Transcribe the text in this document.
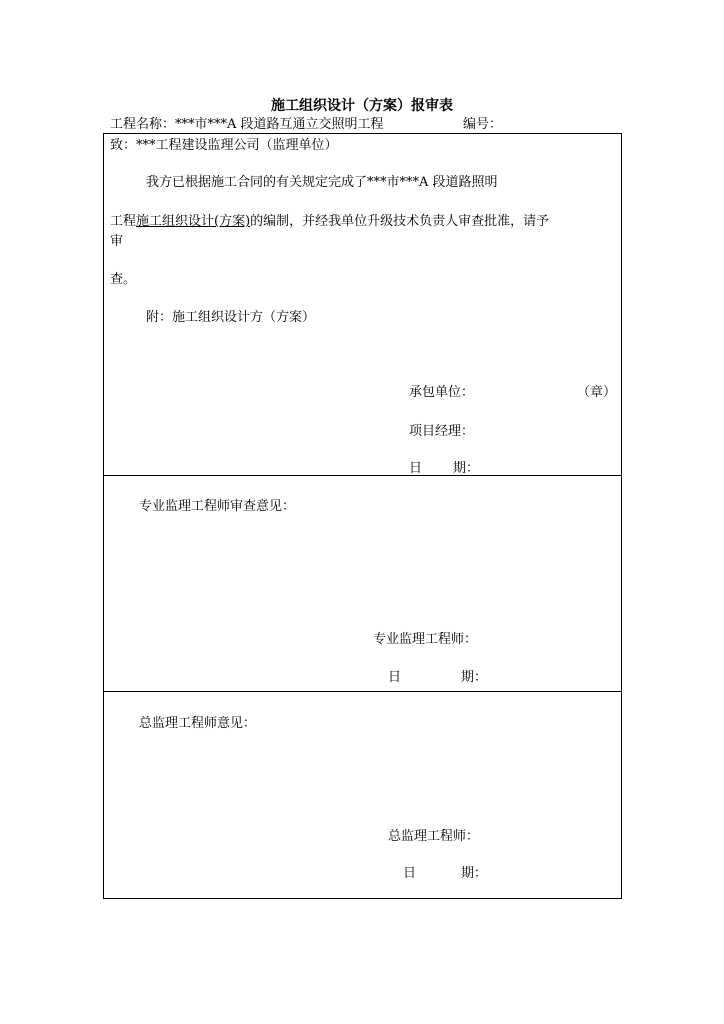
施工组织设计（方案）报审表
工程名称：***市***A 段道路互通立交照明工程	编号：
致：***工程建设监理公司（监理单位）
我方已根据施工合同的有关规定完成了***市***A 段道路照明
工程施工组织设计(方案)的编制，并经我单位升级技术负责人审查批准，请予
审
查。
附：施工组织设计方（方案）
承包单位：	（章）
项目经理：
日 期：
专业监理工程师审查意见：
专业监理工程师：
日	期：
总监理工程师意见：
总监理工程师：
日	期：
